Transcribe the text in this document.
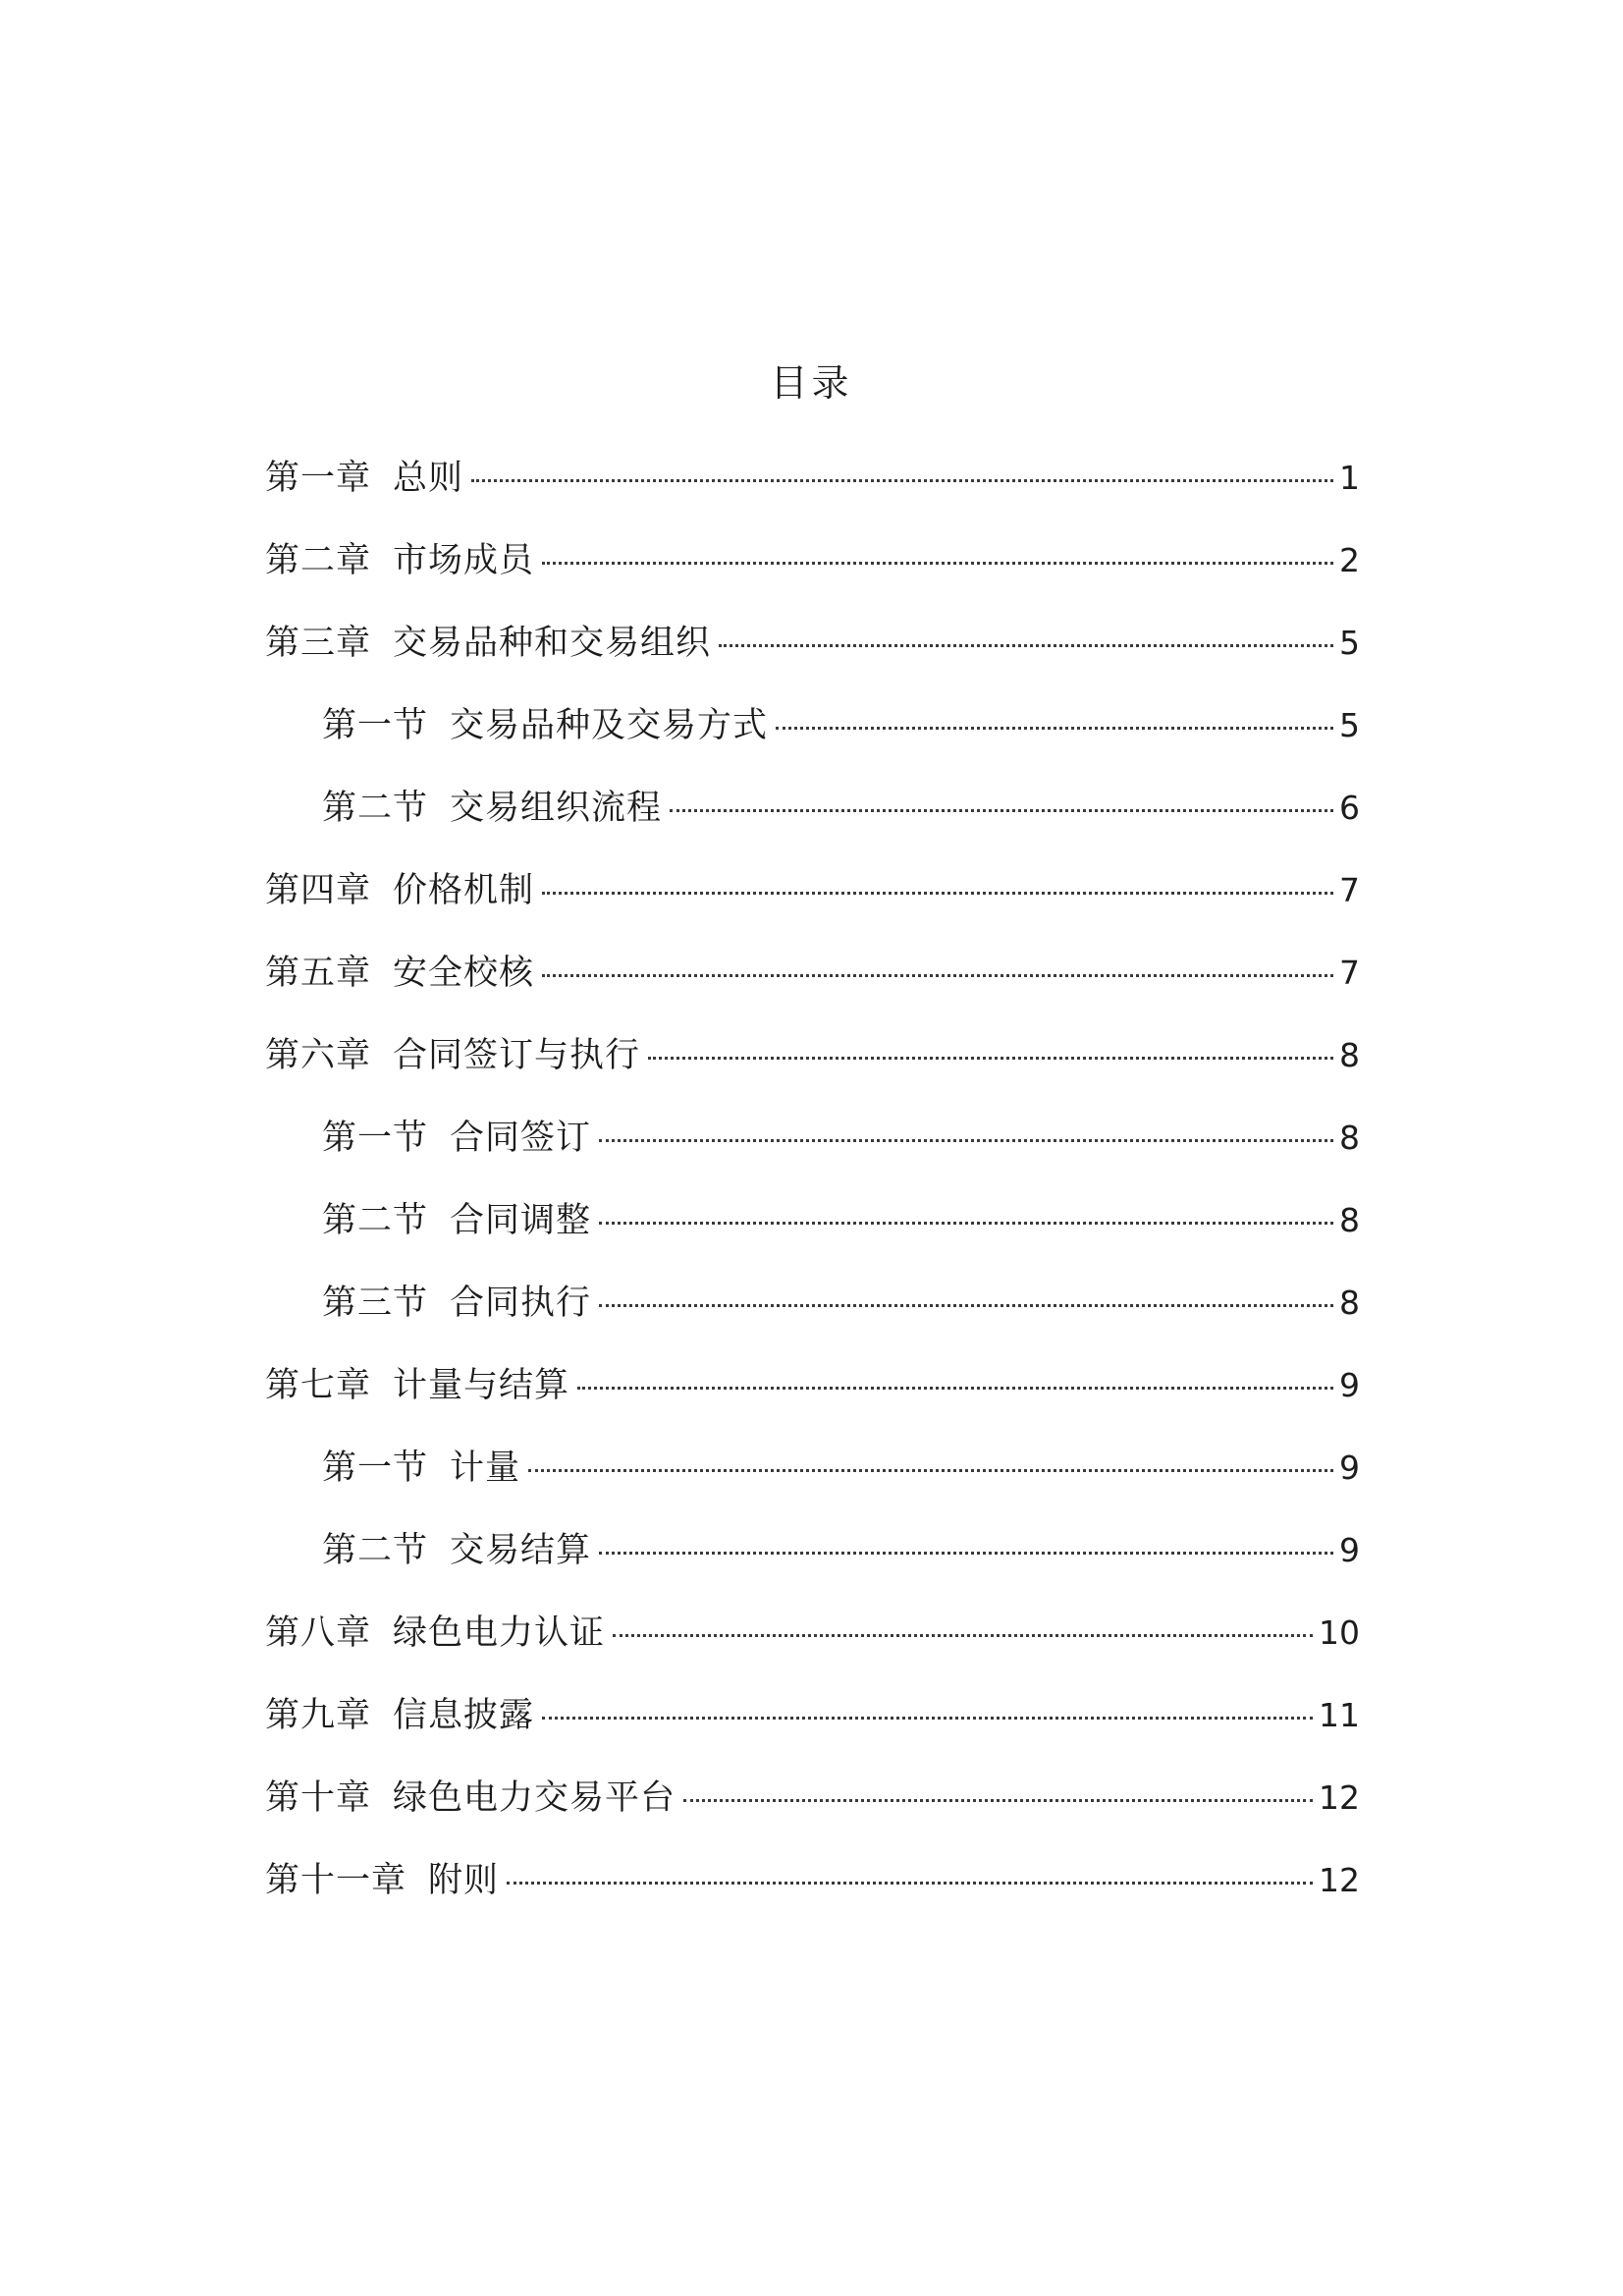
目录
第一章 总则	1
第二章 市场成员	2
第三章 交易品种和交易组织	5
第一节 交易品种及交易方式	5
第二节 交易组织流程	6
第四章 价格机制	7
第五章 安全校核	7
第六章 合同签订与执行	8
第一节 合同签订	8
第二节 合同调整	8
第三节 合同执行	8
第七章 计量与结算	9
第一节 计量	9
第二节 交易结算	9
第八章 绿色电力认证	10
第九章 信息披露	11
第十章 绿色电力交易平台	12
第十一章 附则	12
